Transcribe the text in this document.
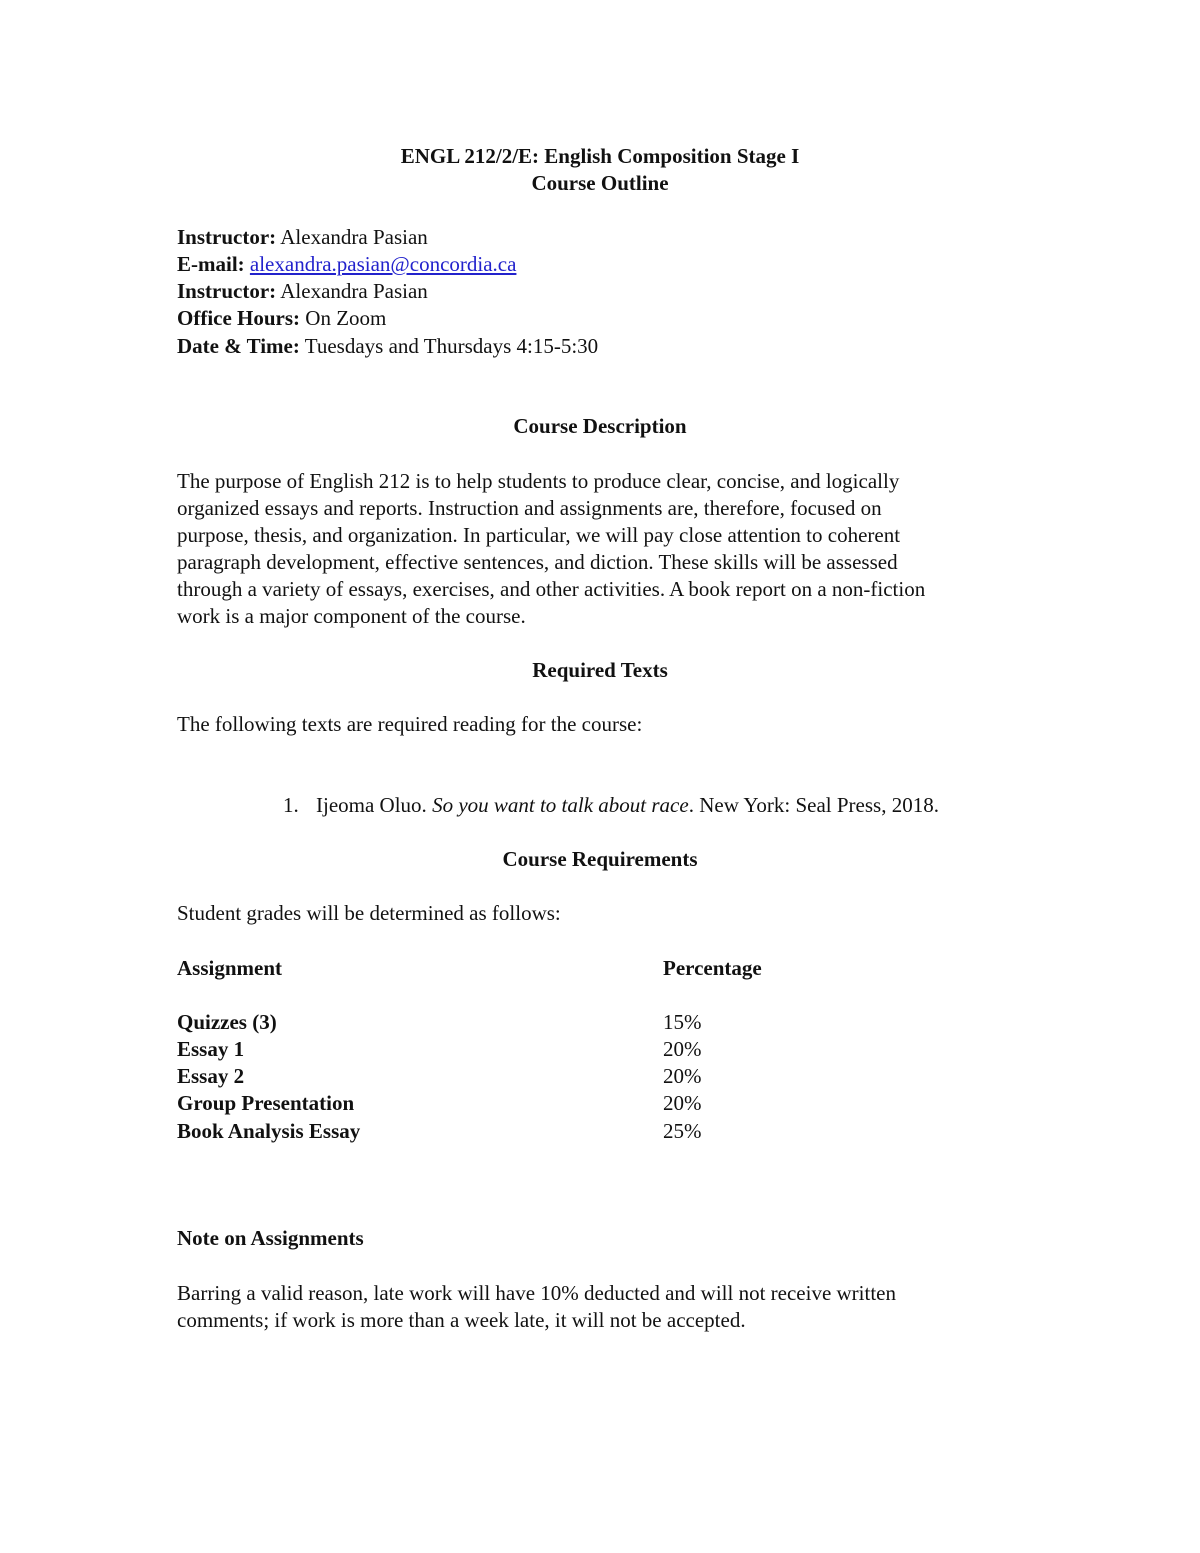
ENGL 212/2/E: English Composition Stage I
Course Outline
Instructor: Alexandra Pasian
E-mail: alexandra.pasian@concordia.ca
Instructor: Alexandra Pasian
Office Hours: On Zoom
Date & Time: Tuesdays and Thursdays 4:15-5:30
Course Description
The purpose of English 212 is to help students to produce clear, concise, and logically
organized essays and reports. Instruction and assignments are, therefore, focused on
purpose, thesis, and organization. In particular, we will pay close attention to coherent
paragraph development, effective sentences, and diction. These skills will be assessed
through a variety of essays, exercises, and other activities. A book report on a non-fiction
work is a major component of the course.
Required Texts
The following texts are required reading for the course:
1. Ijeoma Oluo. So you want to talk about race. New York: Seal Press, 2018.
Course Requirements
Student grades will be determined as follows:
Assignment	Percentage
Quizzes (3)	15%
Essay 1	20%
Essay 2	20%
Group Presentation	20%
Book Analysis Essay	25%
Note on Assignments
Barring a valid reason, late work will have 10% deducted and will not receive written
comments; if work is more than a week late, it will not be accepted.
